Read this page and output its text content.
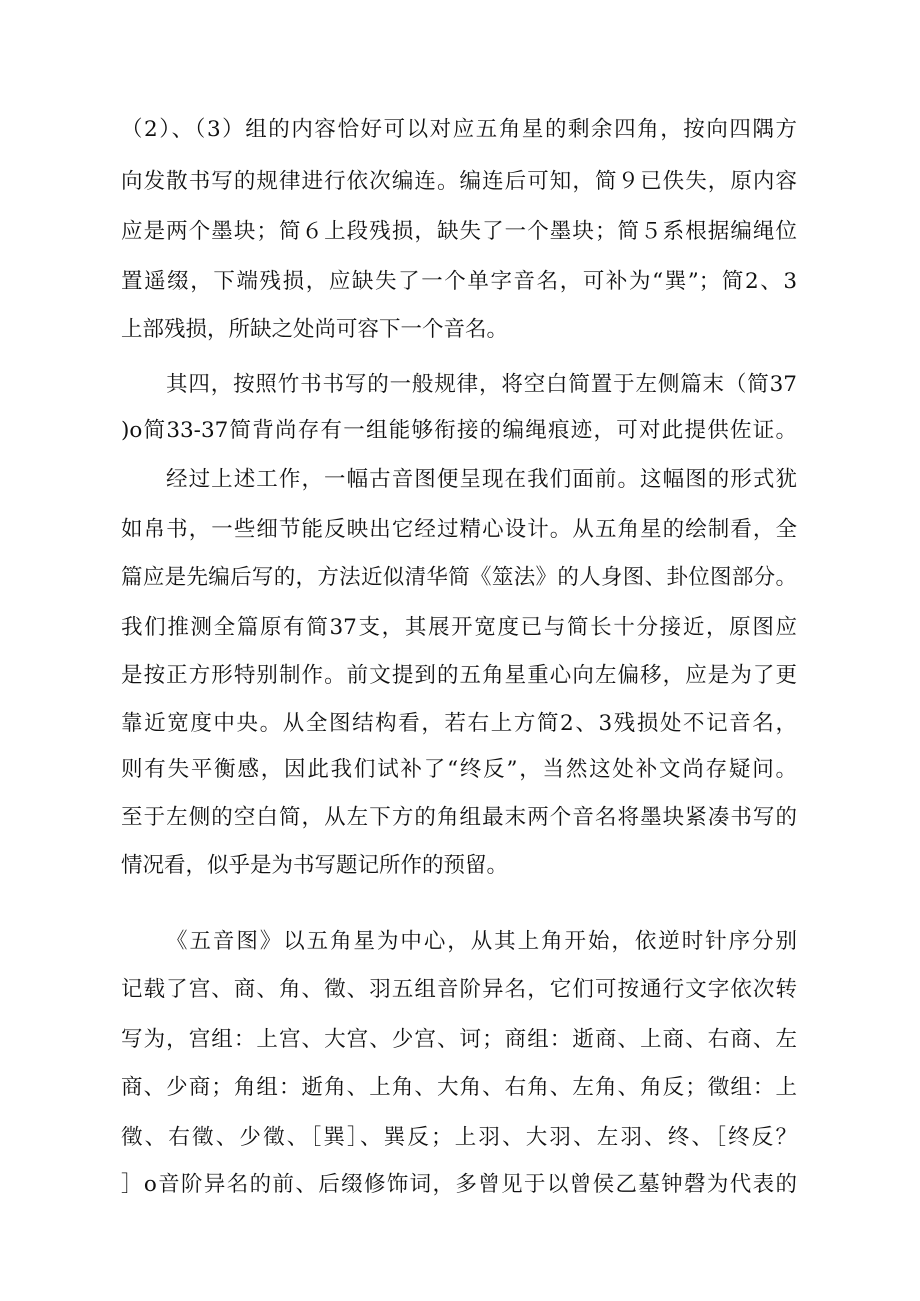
（2）、（3）组的内容恰好可以对应五角星的剩余四角，按向四隅方
向发散书写的规律进行依次编连。编连后可知，简９已佚失，原内容
应是两个墨块；简６上段残损，缺失了一个墨块；简５系根据编绳位
置遥缀，下端残损，应缺失了一个单字音名，可补为“巽”；简2、3
上部残损，所缺之处尚可容下一个音名。
其四，按照竹书书写的一般规律，将空白简置于左侧篇末（简37
)o简33-37简背尚存有一组能够衔接的编绳痕迹，可对此提供佐证。
经过上述工作，一幅古音图便呈现在我们面前。这幅图的形式犹
如帛书，一些细节能反映出它经过精心设计。从五角星的绘制看，全
篇应是先编后写的，方法近似清华简《筮法》的人身图、卦位图部分。
我们推测全篇原有简37支，其展开宽度已与简长十分接近，原图应
是按正方形特别制作。前文提到的五角星重心向左偏移，应是为了更
靠近宽度中央。从全图结构看，若右上方简2、3残损处不记音名，
则有失平衡感，因此我们试补了“终反”，当然这处补文尚存疑问。
至于左侧的空白简，从左下方的角组最末两个音名将墨块紧凑书写的
情况看，似乎是为书写题记所作的预留。
《五音图》以五角星为中心，从其上角开始，依逆时针序分别
记载了宫、商、角、徵、羽五组音阶异名，它们可按通行文字依次转
写为，宫组：上宫、大宫、少宫、诃；商组：逝商、上商、右商、左
商、少商；角组：逝角、上角、大角、右角、左角、角反；徵组：上
徵、右徵、少徵、［巽］、巽反；上羽、大羽、左羽、终、［终反？
］o音阶异名的前、后缀修饰词，多曾见于以曾侯乙墓钟磬为代表的
